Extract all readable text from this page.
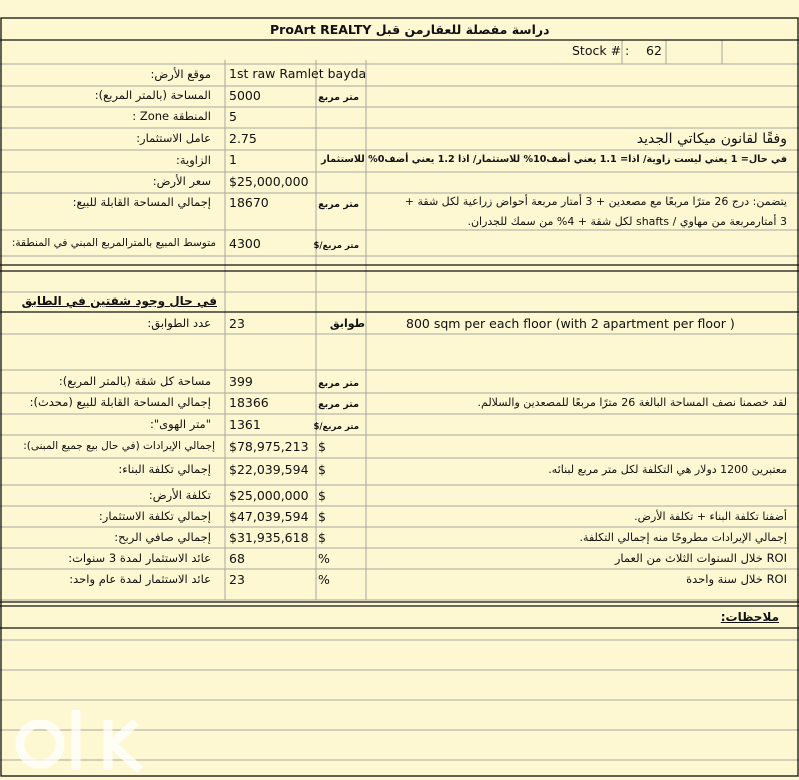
دراسة مفصلة للعقارمن قبل ProArt REALTY
Stock # : 62
موقع الأرض: 1st raw Ramlet bayda
المساحة (بالمتر المربع): 5000	متر مربع
المنطقة Zone : 5
عامل الاستثمار: 2.75	وفقًا لقانون ميكاتي الجديد
الزاوية: 1	في حال= 1 يعني ليست زاوية/ اذا= 1.1 يعني أضف10% للاستثمار/ اذا 1.2 يعني أضف0% للاستثمار
سعر الأرض: $25,000,000
إجمالي المساحة القابلة للبيع: 18670	متر مربع	يتضمن: درج 26 مترًا مربعًا مع مصعدين + 3 أمتار مربعة أحواض زراعية لكل شقة +
3 أمتارمربعة من مهاوي / shafts لكل شقة + 4% من سمك للجدران.
متوسط المبيع بالمترالمربع المبني في المنطقة: 4300	متر مربع/$
في حال وجود شقتين في الطابق
عدد الطوابق: 23	طوابق	800 sqm per each floor (with 2 apartment per floor )
مساحة كل شقة (بالمتر المربع): 399	متر مربع
إجمالي المساحة القابلة للبيع (محدث): 18366	متر مربع	لقد خصمنا نصف المساحة البالغة 26 مترًا مربعًا للمصعدين والسلالم.
"متر الهوى": 1361	متر مربع/$
إجمالي الإيرادات (في حال بيع جميع المبنى): $78,975,213 $
إجمالي تكلفة البناء: $22,039,594 $	معتبرين 1200 دولار هي التكلفة لكل متر مربع لبنائه.
تكلفة الأرض: $25,000,000 $
إجمالي تكلفة الاستثمار: $47,039,594 $	أضفنا تكلفة البناء + تكلفة الأرض.
إجمالي صافي الربح: $31,935,618 $	إجمالي الإيرادات مطروحًا منه إجمالي التكلفة.
عائد الاستثمار لمدة 3 سنوات: 68	%	ROI خلال السنوات الثلاث من العمار
عائد الاستثمار لمدة عام واحد: 23	%	ROI خلال سنة واحدة
ملاحظات:
